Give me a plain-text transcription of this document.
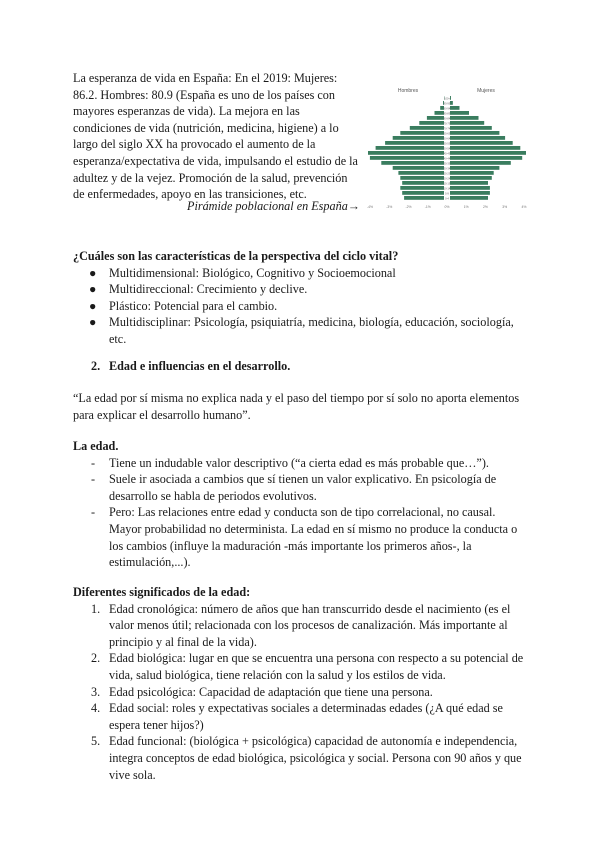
La esperanza de vida en España: En el 2019: Mujeres:
86.2. Hombres: 80.9 (España es uno de los países con
mayores esperanzas de vida). La mejora en las
condiciones de vida (nutrición, medicina, higiene) a lo
largo del siglo XX ha provocado el aumento de la
esperanza/expectativa de vida, impulsando el estudio de la
adultez y de la vejez. Promoción de la salud, prevención
de enfermedades, apoyo en las transiciones, etc.
Pirámide poblacional en España→
Hombres	Mujeres
100+
95-99
90-94
85-89
80-84
75-79
70-74
65-69
60-64
55-59
50-54
45-49
40-44
35-39
30-34
25-29
20-24
15-19
10-14
5-9
0-4
-4%	-3%	-2%	-1%	0%	1%	2%	3%	4%
¿Cuáles son las características de la perspectiva del ciclo vital?
● Multidimensional: Biológico, Cognitivo y Socioemocional
● Multidireccional: Crecimiento y declive.
● Plástico: Potencial para el cambio.
● Multidisciplinar: Psicología, psiquiatría, medicina, biología, educación, sociología,
etc.
2. Edad e influencias en el desarrollo.
“La edad por sí misma no explica nada y el paso del tiempo por sí solo no aporta elementos
para explicar el desarrollo humano”.
La edad.
- Tiene un indudable valor descriptivo (“a cierta edad es más probable que…”).
- Suele ir asociada a cambios que sí tienen un valor explicativo. En psicología de
desarrollo se habla de periodos evolutivos.
- Pero: Las relaciones entre edad y conducta son de tipo correlacional, no causal.
Mayor probabilidad no determinista. La edad en sí mismo no produce la conducta o
los cambios (influye la maduración -más importante los primeros años-, la
estimulación,...).
Diferentes significados de la edad:
1. Edad cronológica: número de años que han transcurrido desde el nacimiento (es el
valor menos útil; relacionada con los procesos de canalización. Más importante al
principio y al final de la vida).
2. Edad biológica: lugar en que se encuentra una persona con respecto a su potencial de
vida, salud biológica, tiene relación con la salud y los estilos de vida.
3. Edad psicológica: Capacidad de adaptación que tiene una persona.
4. Edad social: roles y expectativas sociales a determinadas edades (¿A qué edad se
espera tener hijos?)
5. Edad funcional: (biológica + psicológica) capacidad de autonomía e independencia,
integra conceptos de edad biológica, psicológica y social. Persona con 90 años y que
vive sola.
